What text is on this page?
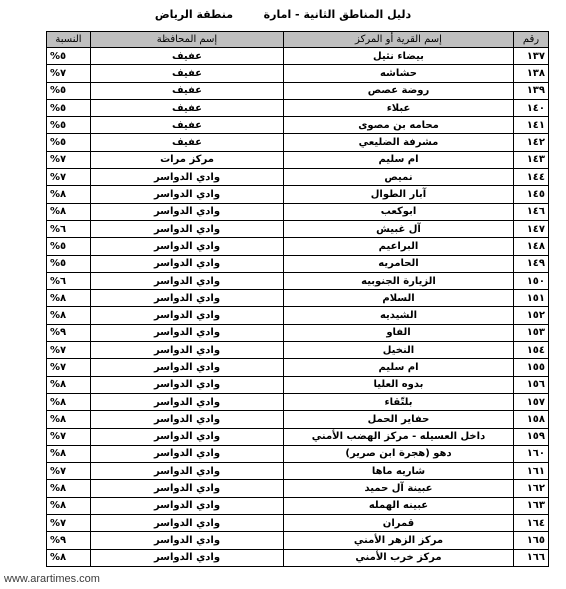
دليل المناطق الثانية - امارة        منطقة الرياض
رقم	إسم القرية أو المركز	إسم المحافظة	النسبة
١٣٧	بيضاء نثيل	عفيف	%٥
١٣٨	حشاشه	عفيف	%٧
١٣٩	روضة عصص	عفيف	%٥
١٤٠	عبلاء	عفيف	%٥
١٤١	محامه بن مصوى	عفيف	%٥
١٤٢	مشرفة الضليعي	عفيف	%٥
١٤٣	ام سليم	مركز مرات	%٧
١٤٤	نميص	وادي الدواسر	%٧
١٤٥	آبار الطوال	وادي الدواسر	%٨
١٤٦	ابوكعب	وادي الدواسر	%٨
١٤٧	آل غبيش	وادي الدواسر	%٦
١٤٨	البراعيم	وادي الدواسر	%٥
١٤٩	الحامريه	وادي الدواسر	%٥
١٥٠	الزيارة الجنوبيه	وادي الدواسر	%٦
١٥١	السلام	وادي الدواسر	%٨
١٥٢	الشيديه	وادي الدواسر	%٨
١٥٣	الفاو	وادي الدواسر	%٩
١٥٤	النخيل	وادي الدواسر	%٧
١٥٥	ام سليم	وادي الدواسر	%٧
١٥٦	بدوه العليا	وادي الدواسر	%٨
١٥٧	بلتّقاء	وادي الدواسر	%٨
١٥٨	حفاير الحمل	وادي الدواسر	%٨
١٥٩	داخل العسيله - مركز الهضب الأمني	وادي الدواسر	%٧
١٦٠	دهو (هجرة ابن صرير)	وادي الدواسر	%٨
١٦١	شاريه ماها	وادي الدواسر	%٧
١٦٢	عبينة آل حميد	وادي الدواسر	%٨
١٦٣	عبينه الهمله	وادي الدواسر	%٨
١٦٤	قمران	وادي الدواسر	%٧
١٦٥	مركز الزهر الأمني	وادي الدواسر	%٩
١٦٦	مركز خرب الأمني	وادي الدواسر	%٨
www.arartimes.com
